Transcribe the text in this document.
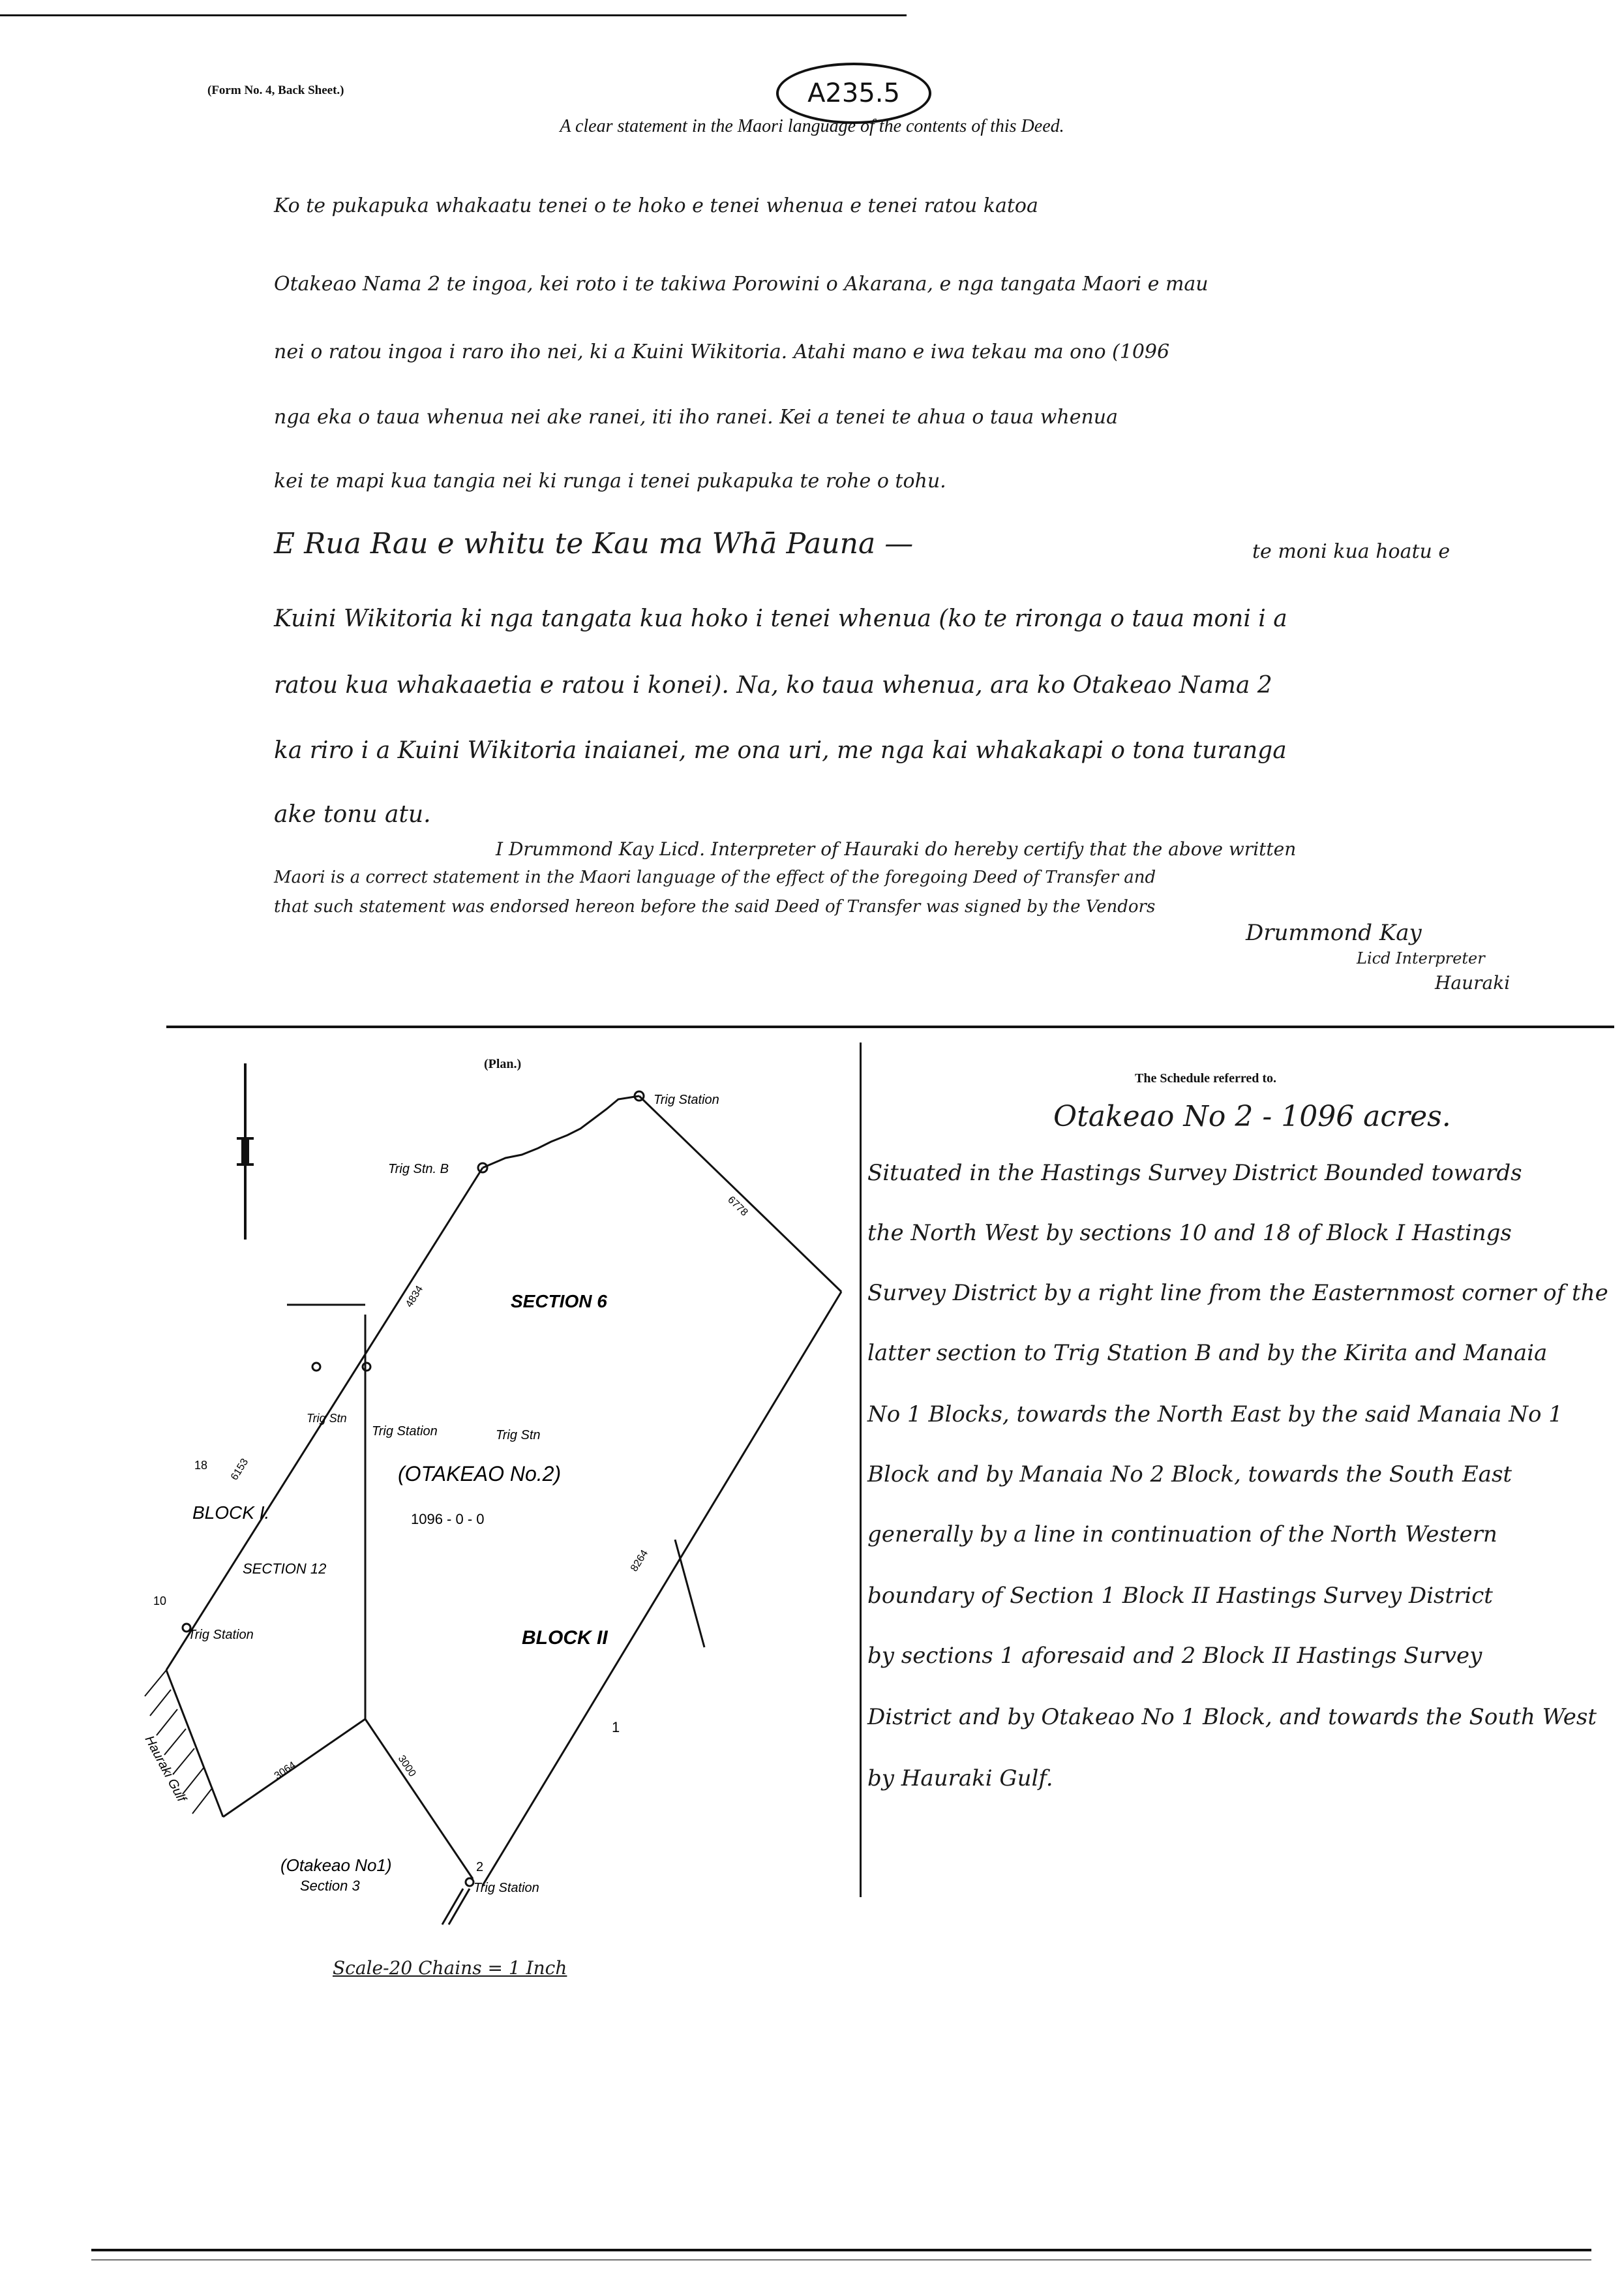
(Form No. 4, Back Sheet.)	A235.5
A clear statement in the Maori language of the contents of this Deed.
Ko te pukapuka whakaatu tenei o te hoko e tenei whenua e tenei ratou katoa
Otakeao Nama 2 te ingoa, kei roto i te takiwa Porowini o Akarana, e nga tangata Maori e mau
nei o ratou ingoa i raro iho nei, ki a Kuini Wikitoria. Atahi mano e iwa tekau ma ono (1096
nga eka o taua whenua nei ake ranei, iti iho ranei. Kei a tenei te ahua o taua whenua
kei te mapi kua tangia nei ki runga i tenei pukapuka te rohe o tohu.
E Rua Rau e whitu te Kau ma Whā Pauna —	te moni kua hoatu e
Kuini Wikitoria ki nga tangata kua hoko i tenei whenua (ko te rironga o taua moni i a
ratou kua whakaaetia e ratou i konei). Na, ko taua whenua, ara ko Otakeao Nama 2
ka riro i a Kuini Wikitoria inaianei, me ona uri, me nga kai whakakapi o tona turanga
ake tonu atu.
I Drummond Kay Licd. Interpreter of Hauraki do hereby certify that the above written
Maori is a correct statement in the Maori language of the effect of the foregoing Deed of Transfer and
that such statement was endorsed hereon before the said Deed of Transfer was signed by the Vendors
Drummond Kay
Licd Interpreter
Hauraki
(Plan.)
Trig Station
Trig Stn. B
SECTION 6
Trig Stn
Trig Station	Trig Stn
(OTAKEAO No.2)
1096 - 0 - 0
BLOCK I.
SECTION 12
Trig Station	BLOCK II
(Otakeao No1)
Section 3	Trig Station
Hauraki Gulf
18
10
1
2
6778
4834
6153
8264
3064	3000
Scale-20 Chains = 1 Inch
The Schedule referred to.
Otakeao No 2 - 1096 acres.
Situated in the Hastings Survey District Bounded towards
the North West by sections 10 and 18 of Block I Hastings
Survey District by a right line from the Easternmost corner of the
latter section to Trig Station B and by the Kirita and Manaia
No 1 Blocks, towards the North East by the said Manaia No 1
Block and by Manaia No 2 Block, towards the South East
generally by a line in continuation of the North Western
boundary of Section 1 Block II Hastings Survey District
by sections 1 aforesaid and 2 Block II Hastings Survey
District and by Otakeao No 1 Block, and towards the South West
by Hauraki Gulf.
